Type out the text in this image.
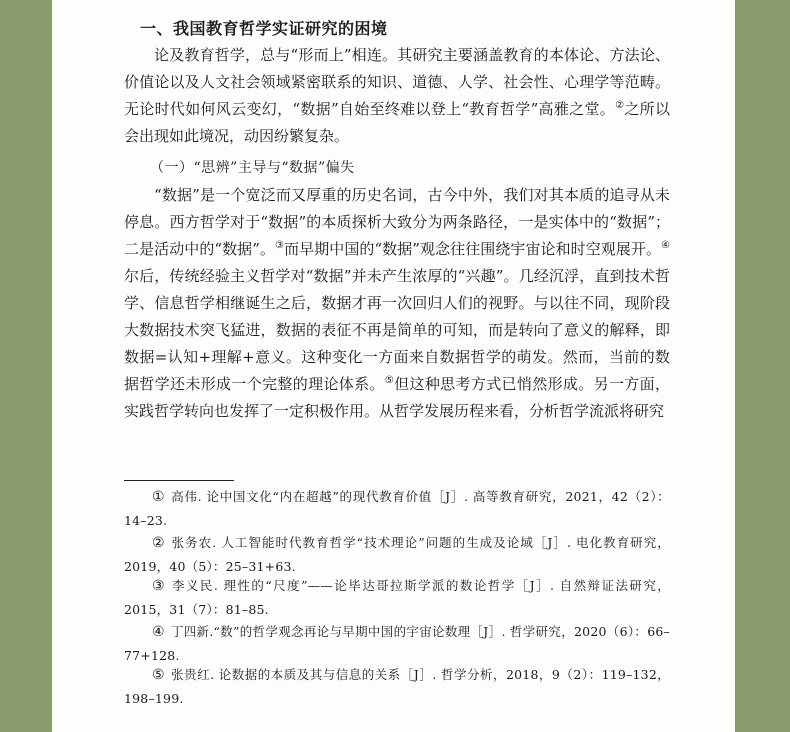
一、我国教育哲学实证研究的困境
论及教育哲学，总与“形而上”相连。其研究主要涵盖教育的本体论、方法论、价值论以及人文社会领域紧密联系的知识、道德、人学、社会性、心理学等范畴。无论时代如何风云变幻，“数据”自始至终难以登上“教育哲学”高雅之堂。②之所以会出现如此境况，动因纷繁复杂。
（一）“思辨”主导与“数据”偏失
“数据”是一个宽泛而又厚重的历史名词，古今中外，我们对其本质的追寻从未停息。西方哲学对于“数据”的本质探析大致分为两条路径，一是实体中的“数据”；二是活动中的“数据”。③而早期中国的“数据”观念往往围绕宇宙论和时空观展开。④尔后，传统经验主义哲学对“数据”并未产生浓厚的“兴趣”。几经沉浮，直到技术哲学、信息哲学相继诞生之后，数据才再一次回归人们的视野。与以往不同，现阶段大数据技术突飞猛进，数据的表征不再是简单的可知，而是转向了意义的解释，即数据=认知+理解+意义。这种变化一方面来自数据哲学的萌发。然而，当前的数据哲学还未形成一个完整的理论体系。⑤但这种思考方式已悄然形成。另一方面，实践哲学转向也发挥了一定积极作用。从哲学发展历程来看，分析哲学流派将研究
① 高伟. 论中国文化“内在超越”的现代教育价值［J］. 高等教育研究，2021，42（2）：14–23.
② 张务农. 人工智能时代教育哲学“技术理论”问题的生成及论域［J］. 电化教育研究，2019，40（5）：25–31+63.
③ 李义民. 理性的“尺度”——论毕达哥拉斯学派的数论哲学［J］. 自然辩证法研究，2015，31（7）：81–85.
④ 丁四新.“数”的哲学观念再论与早期中国的宇宙论数理［J］. 哲学研究，2020（6）：66–77+128.
⑤ 张贵红. 论数据的本质及其与信息的关系［J］. 哲学分析，2018，9（2）：119–132，198–199.
